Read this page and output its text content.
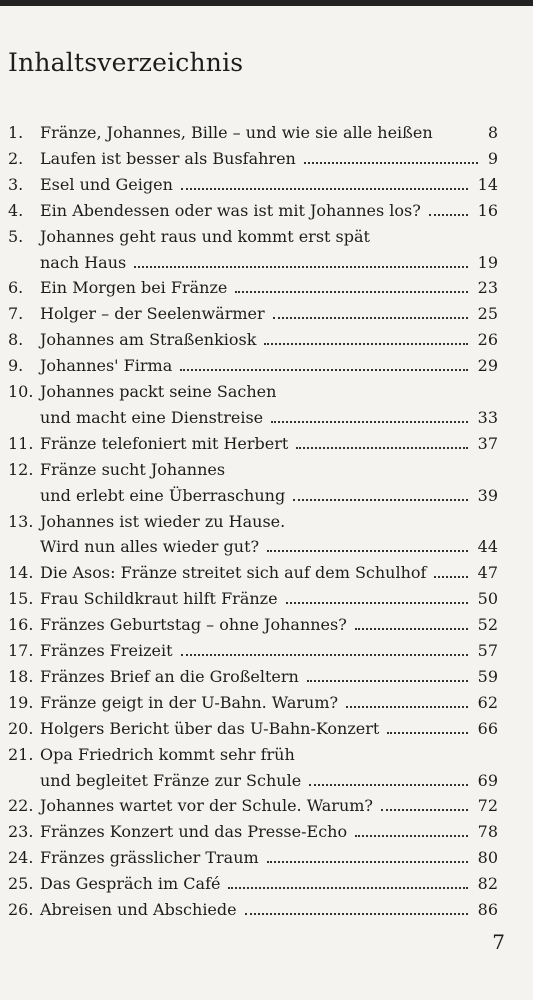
Inhaltsverzeichnis
1. Fränze, Johannes, Bille – und wie sie alle heißen	8
2. Laufen ist besser als Busfahren	9
3. Esel und Geigen	14
4. Ein Abendessen oder was ist mit Johannes los?	16
5. Johannes geht raus und kommt erst spät
nach Haus	19
6. Ein Morgen bei Fränze	23
7. Holger – der Seelenwärmer	25
8. Johannes am Straßenkiosk	26
9. Johannes' Firma	29
10. Johannes packt seine Sachen
und macht eine Dienstreise	33
11. Fränze telefoniert mit Herbert	37
12. Fränze sucht Johannes
und erlebt eine Überraschung	39
13. Johannes ist wieder zu Hause.
Wird nun alles wieder gut?	44
14. Die Asos: Fränze streitet sich auf dem Schulhof	47
15. Frau Schildkraut hilft Fränze	50
16. Fränzes Geburtstag – ohne Johannes?	52
17. Fränzes Freizeit	57
18. Fränzes Brief an die Großeltern	59
19. Fränze geigt in der U-Bahn. Warum?	62
20. Holgers Bericht über das U-Bahn-Konzert	66
21. Opa Friedrich kommt sehr früh
und begleitet Fränze zur Schule	69
22. Johannes wartet vor der Schule. Warum?	72
23. Fränzes Konzert und das Presse-Echo	78
24. Fränzes grässlicher Traum	80
25. Das Gespräch im Café	82
26. Abreisen und Abschiede	86
7
